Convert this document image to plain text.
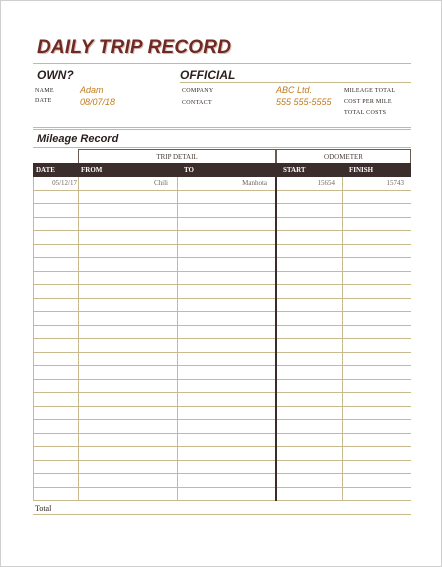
DAILY TRIP RECORD
OWN?
NAME	Adam
DATE	08/07/18
OFFICIAL
COMPANY	ABC Ltd.
CONTACT	555 555-5555
MILEAGE TOTAL
COST PER MILE
TOTAL COSTS
Mileage Record
TRIP DETAIL	ODOMETER
DATE	FROM	TO	START	FINISH
05/12/17	Chili	Manhota	15654	15743
Total
